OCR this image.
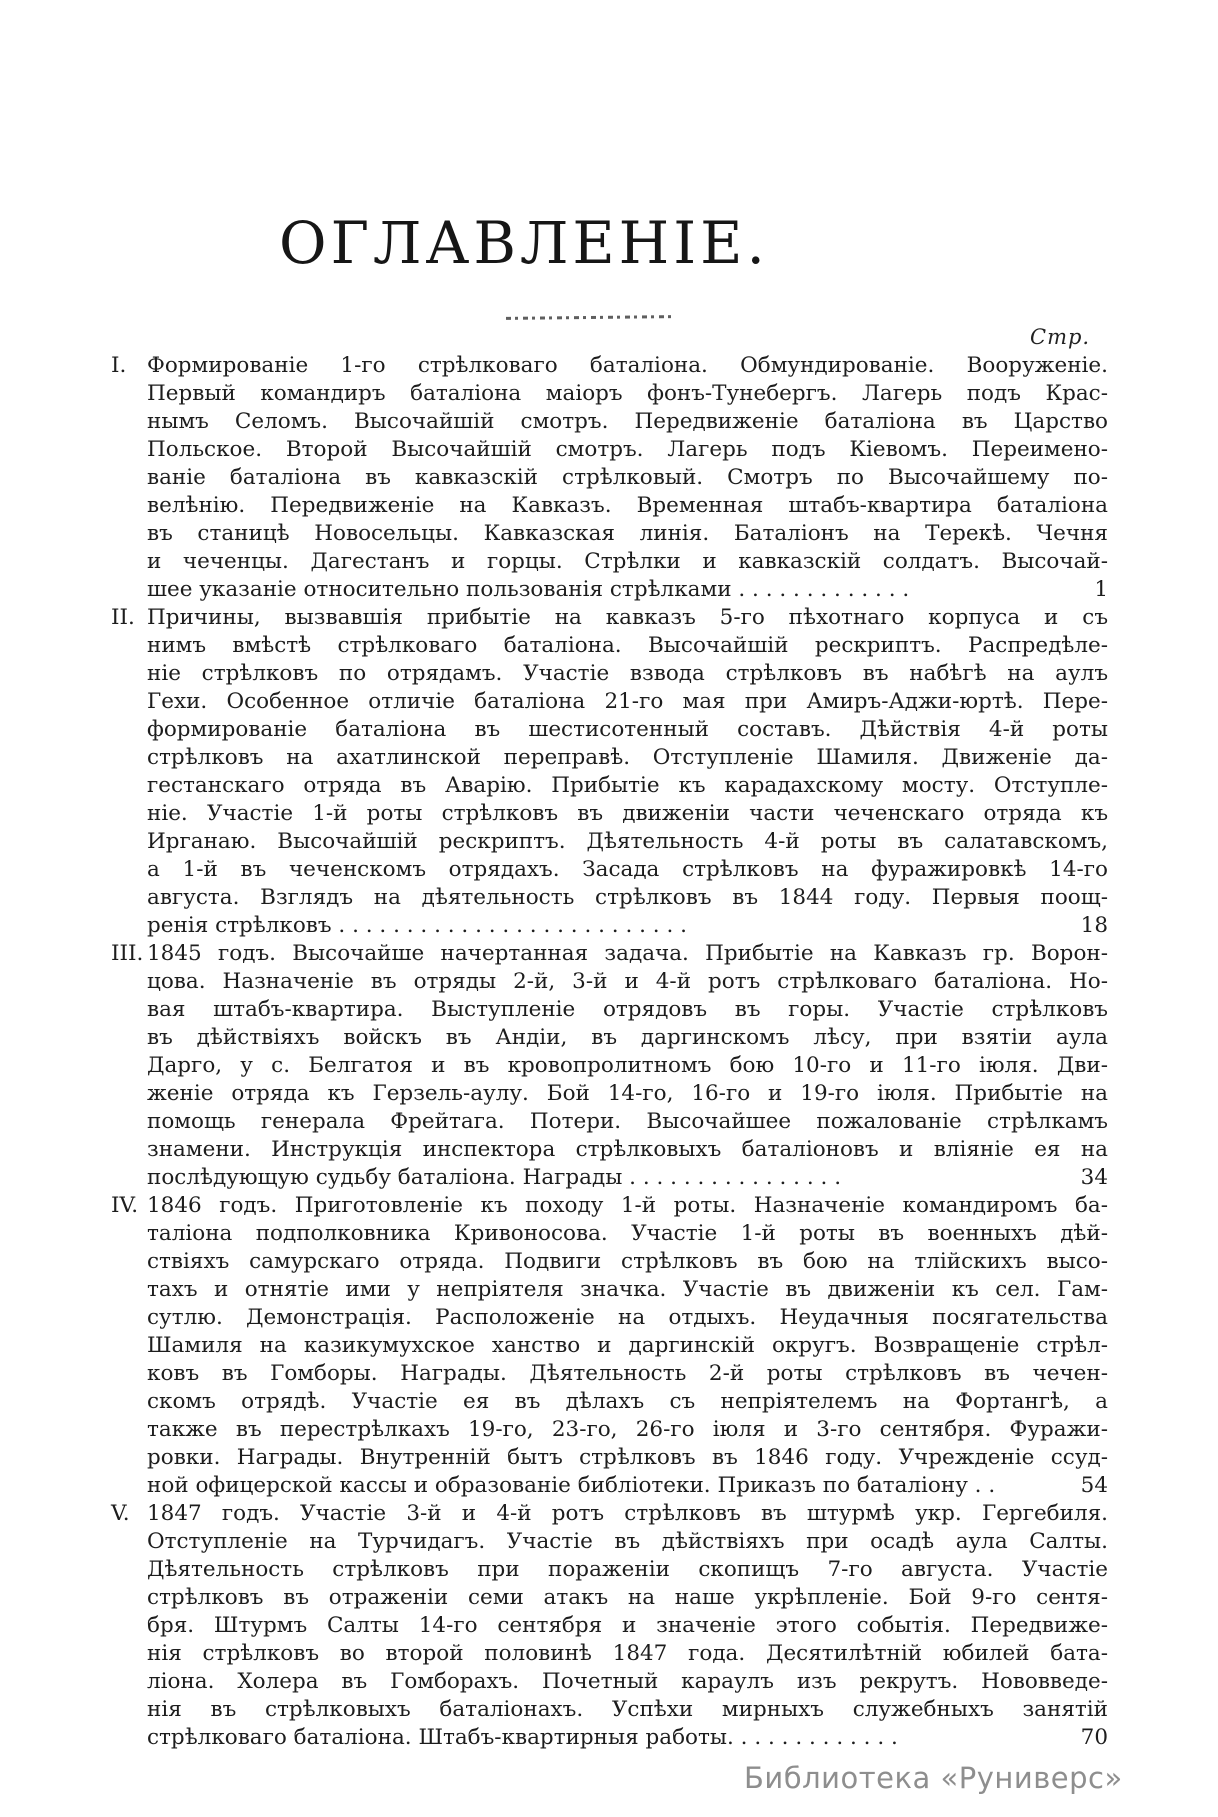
ОГЛАВЛЕНІЕ.
Стр.
І. Формированіе 1-го стрѣлковаго баталіона. Обмундированіе. Вооруженіе.
Первый командиръ баталіона маіоръ фонъ-Тунебергъ. Лагерь подъ Крас-
нымъ Селомъ. Высочайшій смотръ. Передвиженіе баталіона въ Царство
Польское. Второй Высочайшій смотръ. Лагерь подъ Кіевомъ. Переимено-
ваніе баталіона въ кавказскій стрѣлковый. Смотръ по Высочайшему по-
велѣнію. Передвиженіе на Кавказъ. Временная штабъ-квартира баталіона
въ станицѣ Новосельцы. Кавказская линія. Баталіонъ на Терекѣ. Чечня
и чеченцы. Дагестанъ и горцы. Стрѣлки и кавказскій солдатъ. Высочай-
шее указаніе относительно пользованія стрѣлками . . . . . . . . . . . . .	1
ІІ. Причины, вызвавшія прибытіе на кавказъ 5-го пѣхотнаго корпуса и съ
нимъ вмѣстѣ стрѣлковаго баталіона. Высочайшій рескриптъ. Распредѣле-
ніе стрѣлковъ по отрядамъ. Участіе взвода стрѣлковъ въ набѣгѣ на аулъ
Гехи. Особенное отличіе баталіона 21-го мая при Амиръ-Аджи-юртѣ. Пере-
формированіе баталіона въ шестисотенный составъ. Дѣйствія 4-й роты
стрѣлковъ на ахатлинской переправѣ. Отступленіе Шамиля. Движеніе да-
гестанскаго отряда въ Аварію. Прибытіе къ карадахскому мосту. Отступле-
ніе. Участіе 1-й роты стрѣлковъ въ движеніи части чеченскаго отряда къ
Ирганаю. Высочайшій рескриптъ. Дѣятельность 4-й роты въ салатавскомъ,
а 1-й въ чеченскомъ отрядахъ. Засада стрѣлковъ на фуражировкѣ 14-го
августа. Взглядъ на дѣятельность стрѣлковъ въ 1844 году. Первыя поощ-
ренія стрѣлковъ . . . . . . . . . . . . . . . . . . . . . . . . . .	18
ІІІ. 1845 годъ. Высочайше начертанная задача. Прибытіе на Кавказъ гр. Ворон-
цова. Назначеніе въ отряды 2-й, 3-й и 4-й ротъ стрѣлковаго баталіона. Но-
вая штабъ-квартира. Выступленіе отрядовъ въ горы. Участіе стрѣлковъ
въ дѣйствіяхъ войскъ въ Андіи, въ даргинскомъ лѣсу, при взятіи аула
Дарго, у с. Белгатоя и въ кровопролитномъ бою 10-го и 11-го іюля. Дви-
женіе отряда къ Герзель-аулу. Бой 14-го, 16-го и 19-го іюля. Прибытіе на
помощь генерала Фрейтага. Потери. Высочайшее пожалованіе стрѣлкамъ
знамени. Инструкція инспектора стрѣлковыхъ баталіоновъ и вліяніе ея на
послѣдующую судьбу баталіона. Награды . . . . . . . . . . . . . . . .	34
IV. 1846 годъ. Приготовленіе къ походу 1-й роты. Назначеніе командиромъ ба-
таліона подполковника Кривоносова. Участіе 1-й роты въ военныхъ дѣй-
ствіяхъ самурскаго отряда. Подвиги стрѣлковъ въ бою на тлійскихъ высо-
тахъ и отнятіе ими у непріятеля значка. Участіе въ движеніи къ сел. Гам-
сутлю. Демонстрація. Расположеніе на отдыхъ. Неудачныя посягательства
Шамиля на казикумухское ханство и даргинскій округъ. Возвращеніе стрѣл-
ковъ въ Гомборы. Награды. Дѣятельность 2-й роты стрѣлковъ въ чечен-
скомъ отрядѣ. Участіе ея въ дѣлахъ съ непріятелемъ на Фортангѣ, а
также въ перестрѣлкахъ 19-го, 23-го, 26-го іюля и 3-го сентября. Фуражи-
ровки. Награды. Внутренній бытъ стрѣлковъ въ 1846 году. Учрежденіе ссуд-
ной офицерской кассы и образованіе библіотеки. Приказъ по баталіону . .	54
V. 1847 годъ. Участіе 3-й и 4-й ротъ стрѣлковъ въ штурмѣ укр. Гергебиля.
Отступленіе на Турчидагъ. Участіе въ дѣйствіяхъ при осадѣ аула Салты.
Дѣятельность стрѣлковъ при пораженіи скопищъ 7-го августа. Участіе
стрѣлковъ въ отраженіи семи атакъ на наше укрѣпленіе. Бой 9-го сентя-
бря. Штурмъ Салты 14-го сентября и значеніе этого событія. Передвиже-
нія стрѣлковъ во второй половинѣ 1847 года. Десятилѣтній юбилей бата-
ліона. Холера въ Гомборахъ. Почетный караулъ изъ рекрутъ. Нововведе-
нія въ стрѣлковыхъ баталіонахъ. Успѣхи мирныхъ служебныхъ занятій
стрѣлковаго баталіона. Штабъ-квартирныя работы. . . . . . . . . . . . .	70
Библиотека «Руниверс»
